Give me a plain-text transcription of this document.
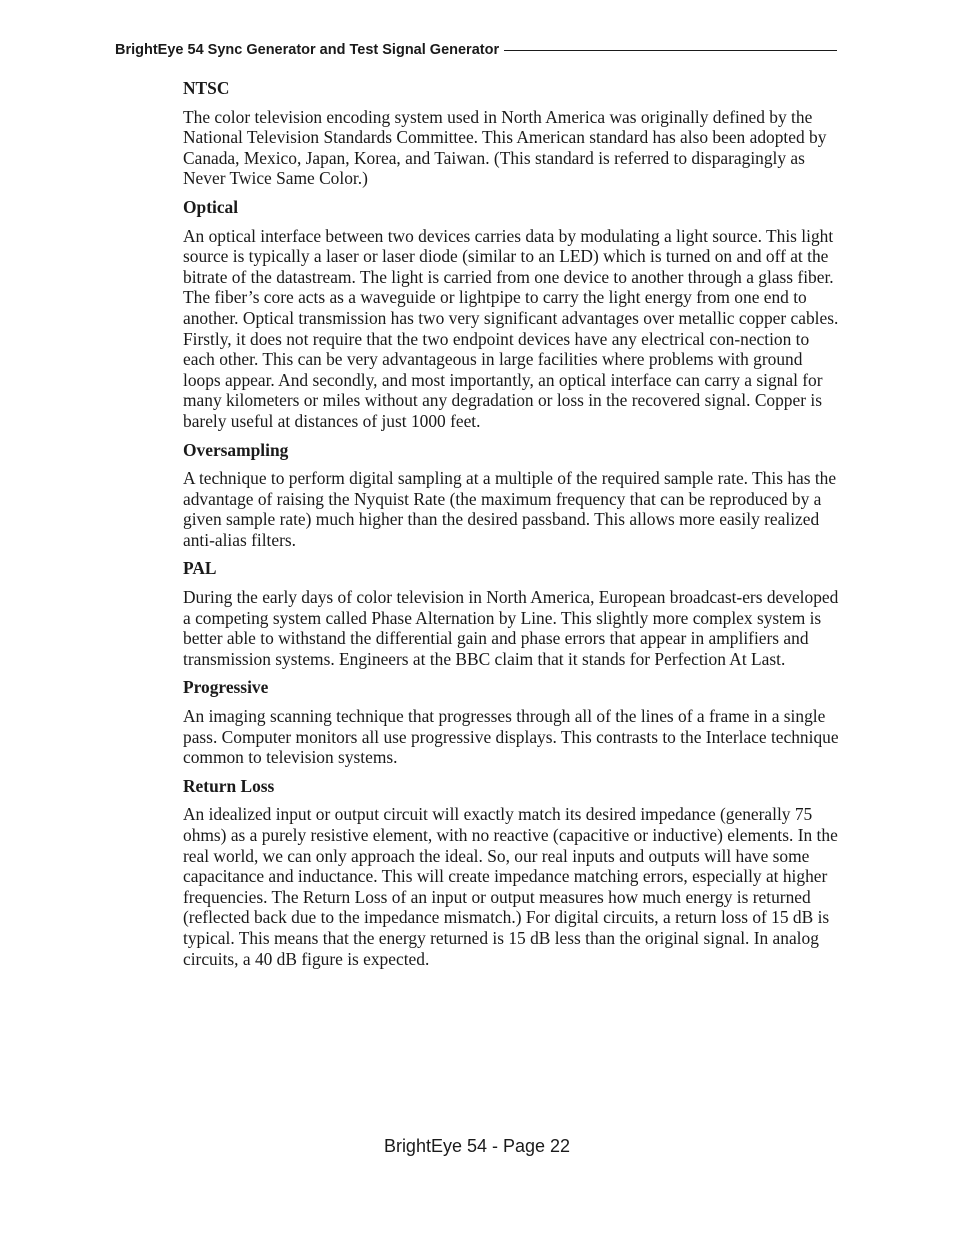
BrightEye 54 Sync Generator and Test Signal Generator

NTSC

The color television encoding system used in North America was originally defined by the National Television Standards Committee. This American standard has also been adopted by Canada, Mexico, Japan, Korea, and Taiwan. (This standard is referred to disparagingly as Never Twice Same Color.)

Optical

An optical interface between two devices carries data by modulating a light source. This light source is typically a laser or laser diode (similar to an LED) which is turned on and off at the bitrate of the datastream. The light is carried from one device to another through a glass fiber. The fiber’s core acts as a waveguide or lightpipe to carry the light energy from one end to another. Optical transmission has two very significant advantages over metallic copper cables. Firstly, it does not require that the two endpoint devices have any electrical con-nection to each other. This can be very advantageous in large facilities where problems with ground loops appear. And secondly, and most importantly, an optical interface can carry a signal for many kilometers or miles without any degradation or loss in the recovered signal. Copper is barely useful at distances of just 1000 feet.

Oversampling

A technique to perform digital sampling at a multiple of the required sample rate. This has the advantage of raising the Nyquist Rate (the maximum frequency that can be reproduced by a given sample rate) much higher than the desired passband. This allows more easily realized anti-alias filters.

PAL

During the early days of color television in North America, European broadcast-ers developed a competing system called Phase Alternation by Line. This slightly more complex system is better able to withstand the differential gain and phase errors that appear in amplifiers and transmission systems. Engineers at the BBC claim that it stands for Perfection At Last.

Progressive

An imaging scanning technique that progresses through all of the lines of a frame in a single pass. Computer monitors all use progressive displays. This contrasts to the Interlace technique common to television systems.

Return Loss

An idealized input or output circuit will exactly match its desired impedance (generally 75 ohms) as a purely resistive element, with no reactive (capacitive or inductive) elements. In the real world, we can only approach the ideal. So, our real inputs and outputs will have some capacitance and inductance. This will create impedance matching errors, especially at higher frequencies. The Return Loss of an input or output measures how much energy is returned (reflected back due to the impedance mismatch.) For digital circuits, a return loss of 15 dB is typical. This means that the energy returned is 15 dB less than the original signal. In analog circuits, a 40 dB figure is expected.

BrightEye 54 - Page 22
